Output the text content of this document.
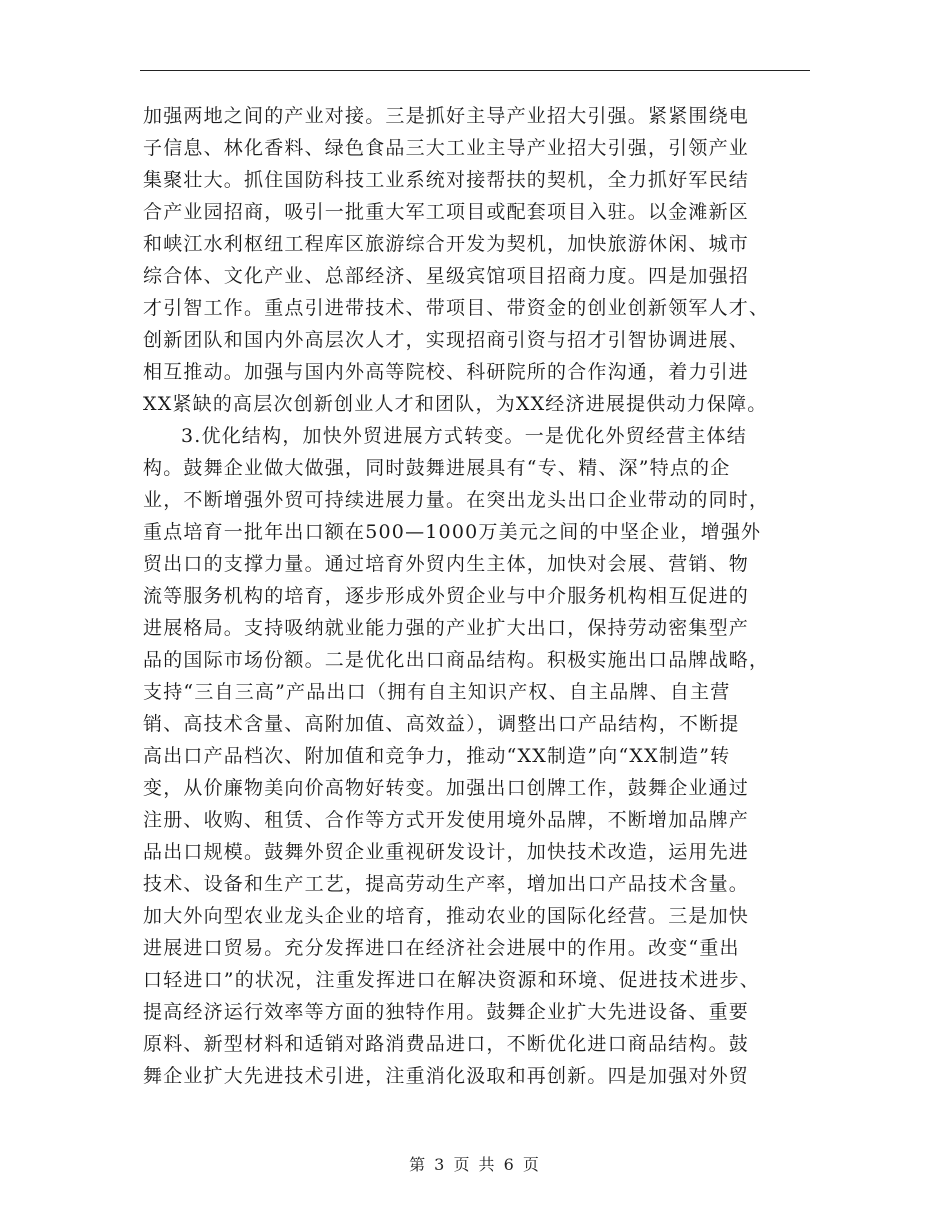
加强两地之间的产业对接。三是抓好主导产业招大引强。紧紧围绕电
子信息、林化香料、绿色食品三大工业主导产业招大引强，引领产业
集聚壮大。抓住国防科技工业系统对接帮扶的契机，全力抓好军民结
合产业园招商，吸引一批重大军工项目或配套项目入驻。以金滩新区
和峡江水利枢纽工程库区旅游综合开发为契机，加快旅游休闲、城市
综合体、文化产业、总部经济、星级宾馆项目招商力度。四是加强招
才引智工作。重点引进带技术、带项目、带资金的创业创新领军人才、
创新团队和国内外高层次人才，实现招商引资与招才引智协调进展、
相互推动。加强与国内外高等院校、科研院所的合作沟通，着力引进
XX紧缺的高层次创新创业人才和团队，为XX经济进展提供动力保障。
3.优化结构，加快外贸进展方式转变。一是优化外贸经营主体结
构。鼓舞企业做大做强，同时鼓舞进展具有“专、精、深”特点的企
业，不断增强外贸可持续进展力量。在突出龙头出口企业带动的同时，
重点培育一批年出口额在500—1000万美元之间的中坚企业，增强外
贸出口的支撑力量。通过培育外贸内生主体，加快对会展、营销、物
流等服务机构的培育，逐步形成外贸企业与中介服务机构相互促进的
进展格局。支持吸纳就业能力强的产业扩大出口，保持劳动密集型产
品的国际市场份额。二是优化出口商品结构。积极实施出口品牌战略，
支持“三自三高”产品出口（拥有自主知识产权、自主品牌、自主营
销、高技术含量、高附加值、高效益），调整出口产品结构，不断提
高出口产品档次、附加值和竞争力，推动“XX制造”向“XX制造”转
变，从价廉物美向价高物好转变。加强出口创牌工作，鼓舞企业通过
注册、收购、租赁、合作等方式开发使用境外品牌，不断增加品牌产
品出口规模。鼓舞外贸企业重视研发设计，加快技术改造，运用先进
技术、设备和生产工艺，提高劳动生产率，增加出口产品技术含量。
加大外向型农业龙头企业的培育，推动农业的国际化经营。三是加快
进展进口贸易。充分发挥进口在经济社会进展中的作用。改变“重出
口轻进口”的状况，注重发挥进口在解决资源和环境、促进技术进步、
提高经济运行效率等方面的独特作用。鼓舞企业扩大先进设备、重要
原料、新型材料和适销对路消费品进口，不断优化进口商品结构。鼓
舞企业扩大先进技术引进，注重消化汲取和再创新。四是加强对外贸
第 3 页 共 6 页
